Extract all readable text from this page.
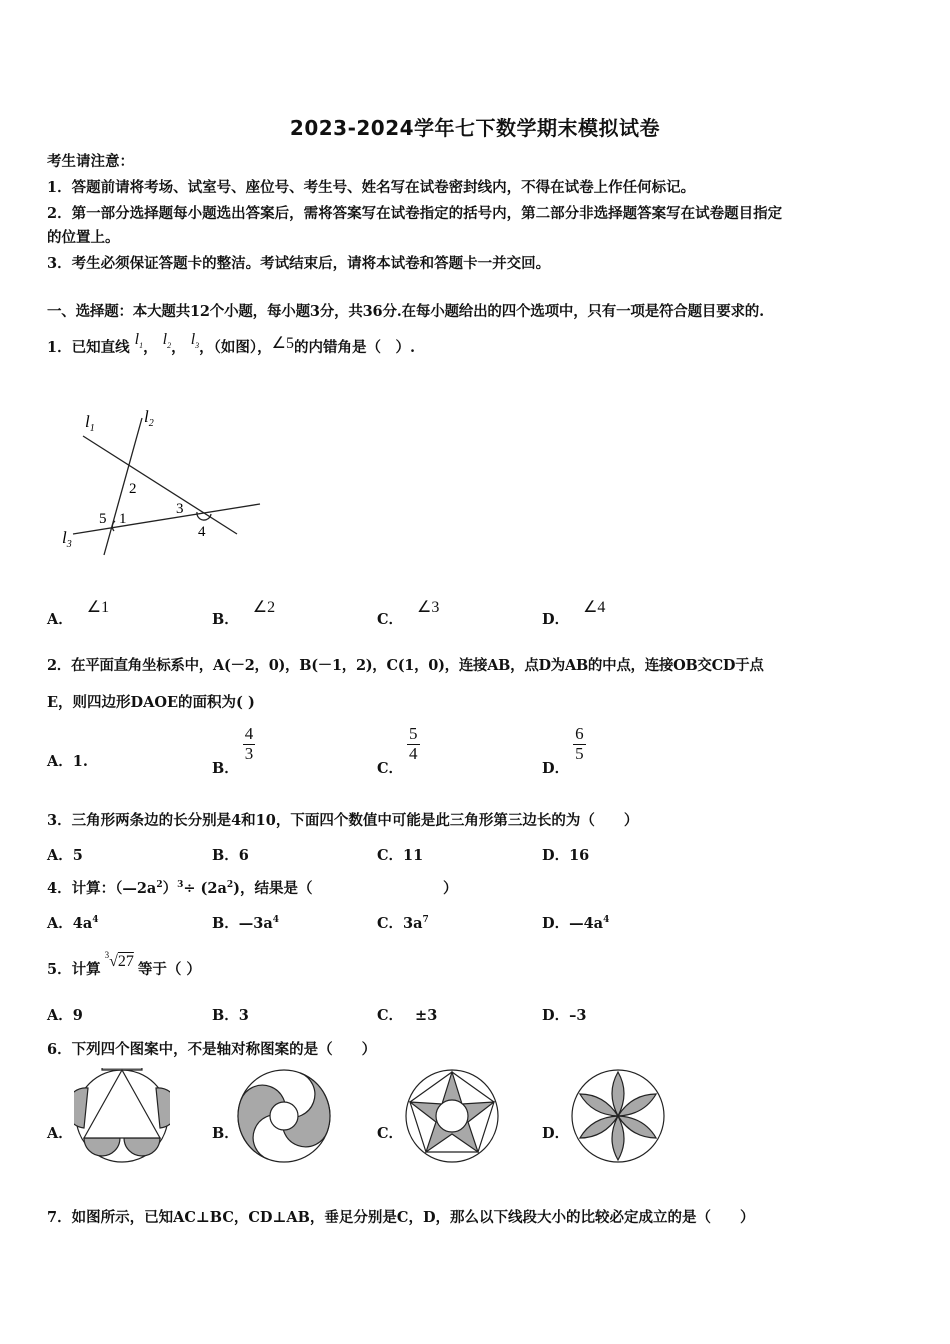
2023-2024学年七下数学期末模拟试卷
考生请注意：
1．答题前请将考场、试室号、座位号、考生号、姓名写在试卷密封线内，不得在试卷上作任何标记。
2．第一部分选择题每小题选出答案后，需将答案写在试卷指定的括号内，第二部分非选择题答案写在试卷题目指定
的位置上。
3．考生必须保证答题卡的整洁。考试结束后，请将本试卷和答题卡一并交回。
一、选择题：本大题共12个小题，每小题3分，共36分.在每小题给出的四个选项中，只有一项是符合题目要求的.
1．已知直线 $l_1$， $l_2$， $l_3$，（如图），∠5的内错角是（　）.
$l_1$
$l_2$
$l_3$
2
3
4
5 1
A．∠1
B．∠2
C．∠3
D．∠4
2．在平面直角坐标系中，A(－2，0)，B(－1，2)，C(1，0)，连接AB，点D为AB的中点，连接OB交CD于点
E，则四边形DAOE的面积为( )
A．1.	B．
$\frac{4}{3}$
C．
$\frac{5}{4}$
D．
$\frac{6}{5}$
3．三角形两条边的长分别是4和10，下面四个数值中可能是此三角形第三边长的为（　　）
A．5	B．6	C．11	D．16
4．计算：$(—2a^2)^3\div (2a^2)$，结果是（　　　　　　　　　）
A．$4a^4$	B．$—3a^4$	C．$3a^7$	D．$—4a^4$
5．计算$^3$√27 等于（ ）
A．9	B．3	C． ±3	D．–3
6．下列四个图案中，不是轴对称图案的是（　　）
A．	B．	C．	D．
7．如图所示，已知AC⊥BC，CD⊥AB，垂足分别是C，D，那么以下线段大小的比较必定成立的是（　　）
